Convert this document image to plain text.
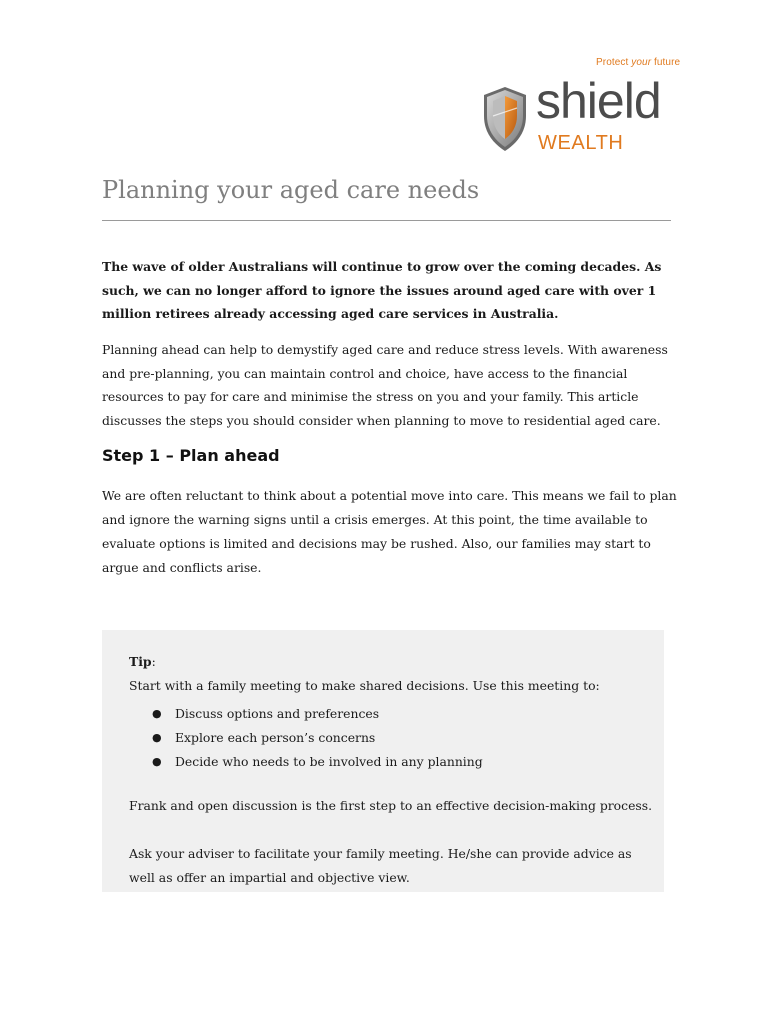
Protect your future
shield
WEALTH
Planning your aged care needs

The wave of older Australians will continue to grow over the coming decades. As such, we can no longer afford to ignore the issues around aged care with over 1 million retirees already accessing aged care services in Australia.

Planning ahead can help to demystify aged care and reduce stress levels. With awareness and pre-planning, you can maintain control and choice, have access to the financial resources to pay for care and minimise the stress on you and your family. This article discusses the steps you should consider when planning to move to residential aged care.

Step 1 – Plan ahead

We are often reluctant to think about a potential move into care. This means we fail to plan and ignore the warning signs until a crisis emerges. At this point, the time available to evaluate options is limited and decisions may be rushed. Also, our families may start to argue and conflicts arise.

Tip:
Start with a family meeting to make shared decisions. Use this meeting to:
● Discuss options and preferences
● Explore each person’s concerns
● Decide who needs to be involved in any planning
Frank and open discussion is the first step to an effective decision-making process.

Ask your adviser to facilitate your family meeting. He/she can provide advice as well as offer an impartial and objective view.
